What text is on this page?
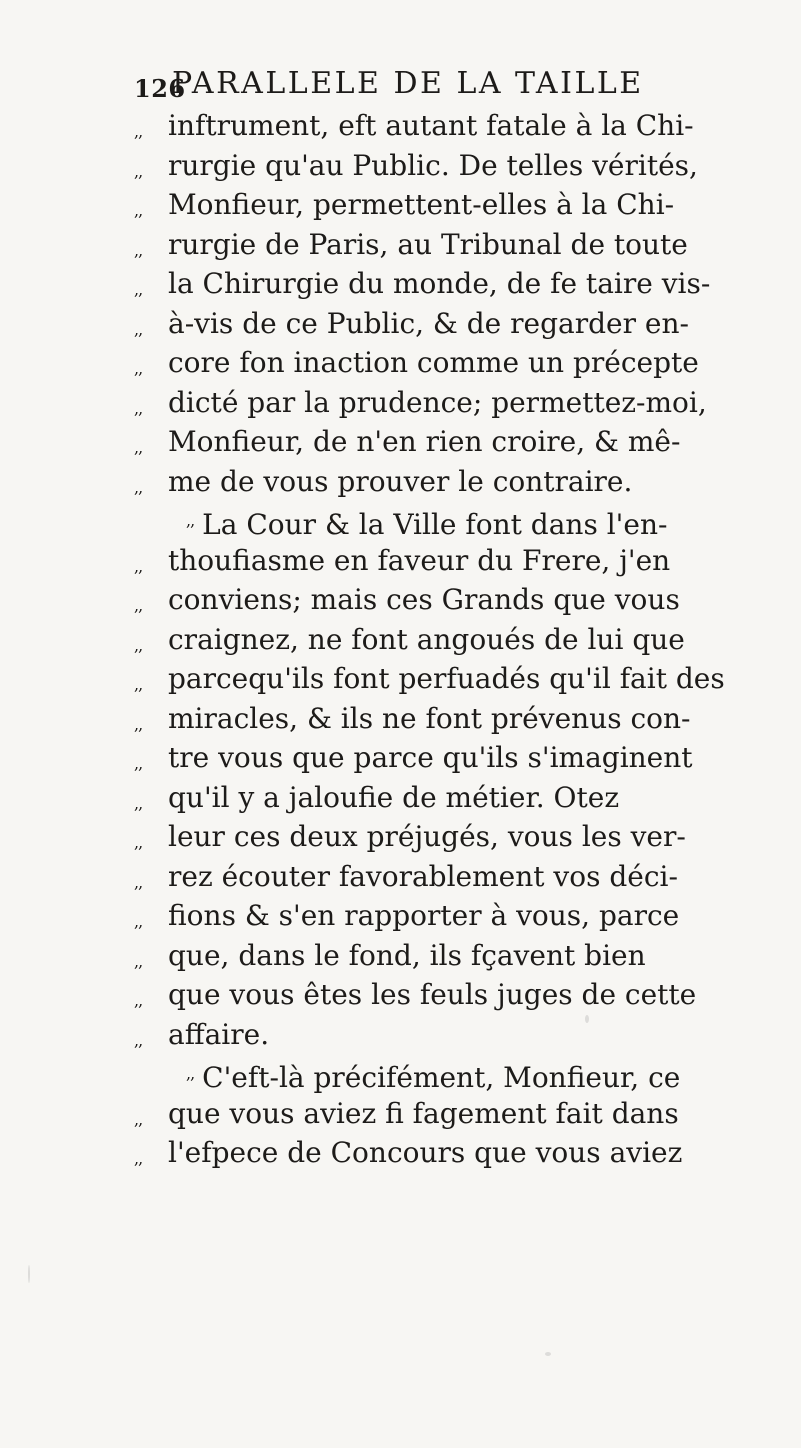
126
PARALLELE DE LA TAILLE
,, inftrument, eft autant fatale à la Chi-
,, rurgie qu'au Public. De telles vérités,
,, Monfieur, permettent-elles à la Chi-
,, rurgie de Paris, au Tribunal de toute
,, la Chirurgie du monde, de fe taire vis-
,, à-vis de ce Public, & de regarder en-
,, core fon inaction comme un précepte
,, dicté par la prudence; permettez-moi,
,, Monfieur, de n'en rien croire, & mê-
,, me de vous prouver le contraire.
,, La Cour & la Ville font dans l'en-
,, thoufiasme en faveur du Frere, j'en
,, conviens; mais ces Grands que vous
,, craignez, ne font angoués de lui que
,, parcequ'ils font perfuadés qu'il fait des
,, miracles, & ils ne font prévenus con-
,, tre vous que parce qu'ils s'imaginent
,, qu'il y a jaloufie de métier. Otez
,, leur ces deux préjugés, vous les ver-
,, rez écouter favorablement vos déci-
,, fions & s'en rapporter à vous, parce
,, que, dans le fond, ils fçavent bien
,, que vous êtes les feuls juges de cette
,, affaire.
,, C'eft-là précifément, Monfieur, ce
,, que vous aviez fi fagement fait dans
,, l'efpece de Concours que vous aviez
